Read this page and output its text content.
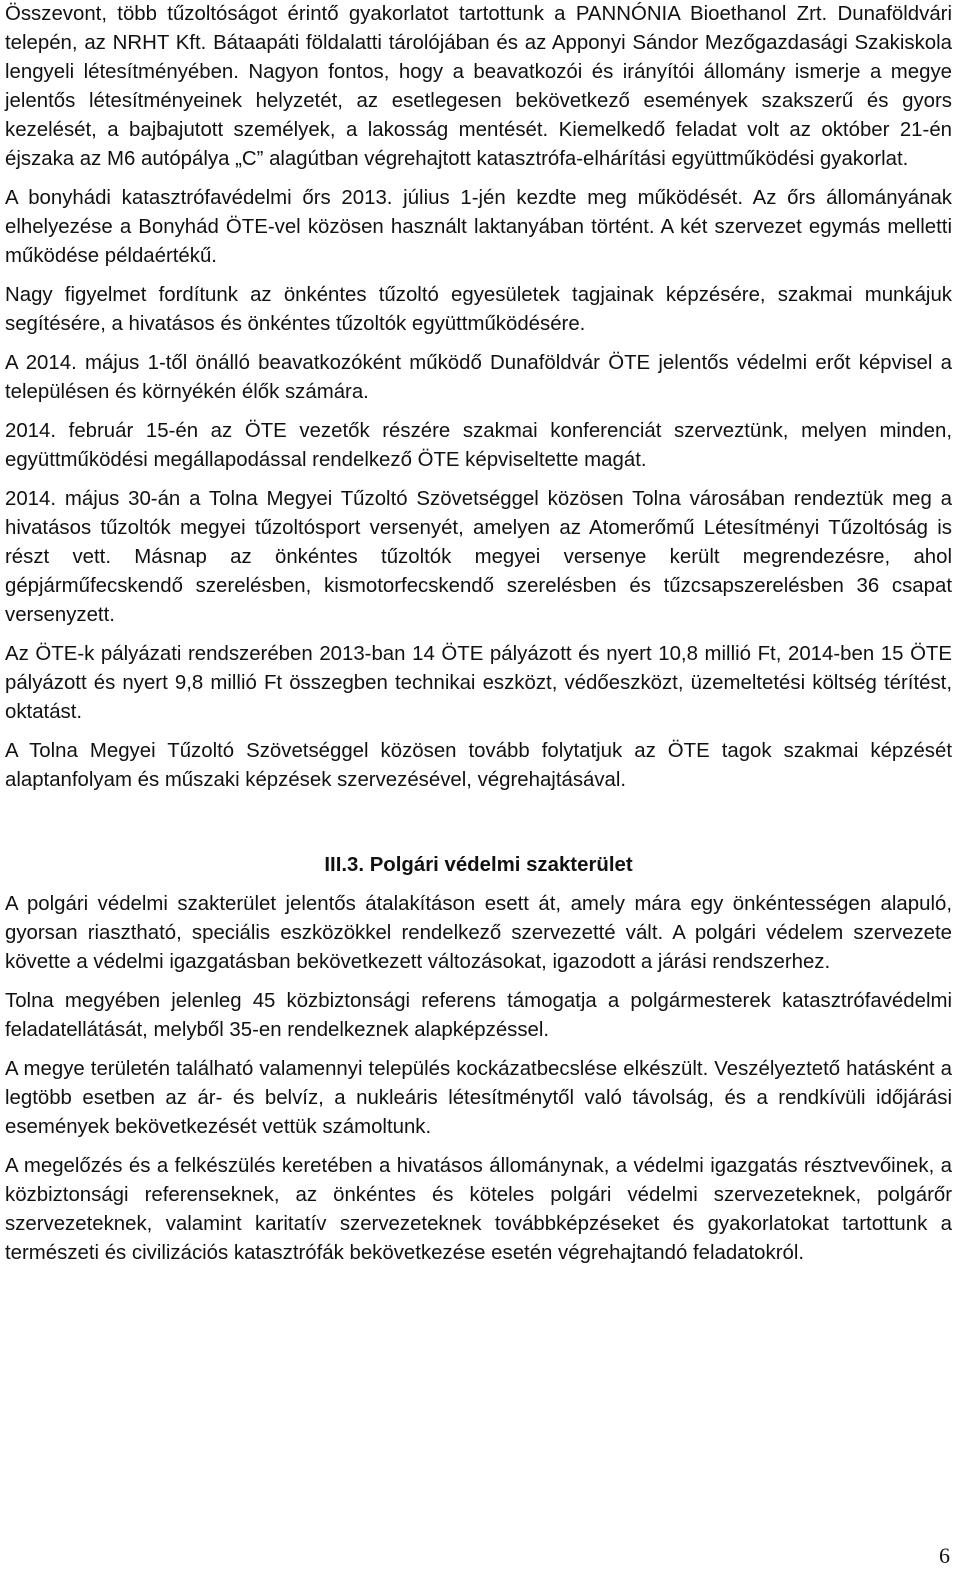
Összevont, több tűzoltóságot érintő gyakorlatot tartottunk a PANNÓNIA Bioethanol Zrt. Dunaföldvári telepén, az NRHT Kft. Bátaapáti földalatti tárolójában és az Apponyi Sándor Mezőgazdasági Szakiskola lengyeli létesítményében. Nagyon fontos, hogy a beavatkozói és irányítói állomány ismerje a megye jelentős létesítményeinek helyzetét, az esetlegesen bekövetkező események szakszerű és gyors kezelését, a bajbajutott személyek, a lakosság mentését. Kiemelkedő feladat volt az október 21-én éjszaka az M6 autópálya „C” alagútban végrehajtott katasztrófa-elhárítási együttműködési gyakorlat.

A bonyhádi katasztrófavédelmi őrs 2013. július 1-jén kezdte meg működését. Az őrs állományának elhelyezése a Bonyhád ÖTE-vel közösen használt laktanyában történt. A két szervezet egymás melletti működése példaértékű.

Nagy figyelmet fordítunk az önkéntes tűzoltó egyesületek tagjainak képzésére, szakmai munkájuk segítésére, a hivatásos és önkéntes tűzoltók együttműködésére.

A 2014. május 1-től önálló beavatkozóként működő Dunaföldvár ÖTE jelentős védelmi erőt képvisel a településen és környékén élők számára.

2014. február 15-én az ÖTE vezetők részére szakmai konferenciát szerveztünk, melyen minden, együttműködési megállapodással rendelkező ÖTE képviseltette magát.

2014. május 30-án a Tolna Megyei Tűzoltó Szövetséggel közösen Tolna városában rendeztük meg a hivatásos tűzoltók megyei tűzoltósport versenyét, amelyen az Atomerőmű Létesítményi Tűzoltóság is részt vett. Másnap az önkéntes tűzoltók megyei versenye került megrendezésre, ahol gépjárműfecskendő szerelésben, kismotorfecskendő szerelésben és tűzcsapszerelésben 36 csapat versenyzett.

Az ÖTE-k pályázati rendszerében 2013-ban 14 ÖTE pályázott és nyert 10,8 millió Ft, 2014-ben 15 ÖTE pályázott és nyert 9,8 millió Ft összegben technikai eszközt, védőeszközt, üzemeltetési költség térítést, oktatást.

A Tolna Megyei Tűzoltó Szövetséggel közösen tovább folytatjuk az ÖTE tagok szakmai képzését alaptanfolyam és műszaki képzések szervezésével, végrehajtásával.

III.3. Polgári védelmi szakterület

A polgári védelmi szakterület jelentős átalakításon esett át, amely mára egy önkéntességen alapuló, gyorsan riasztható, speciális eszközökkel rendelkező szervezetté vált. A polgári védelem szervezete követte a védelmi igazgatásban bekövetkezett változásokat, igazodott a járási rendszerhez.

Tolna megyében jelenleg 45 közbiztonsági referens támogatja a polgármesterek katasztrófavédelmi feladatellátását, melyből 35-en rendelkeznek alapképzéssel.

A megye területén található valamennyi település kockázatbecslése elkészült. Veszélyeztető hatásként a legtöbb esetben az ár- és belvíz, a nukleáris létesítménytől való távolság, és a rendkívüli időjárási események bekövetkezését vettük számoltunk.

A megelőzés és a felkészülés keretében a hivatásos állománynak, a védelmi igazgatás résztvevőinek, a közbiztonsági referenseknek, az önkéntes és köteles polgári védelmi szervezeteknek, polgárőr szervezeteknek, valamint karitatív szervezeteknek továbbképzéseket és gyakorlatokat tartottunk a természeti és civilizációs katasztrófák bekövetkezése esetén végrehajtandó feladatokról.

6
